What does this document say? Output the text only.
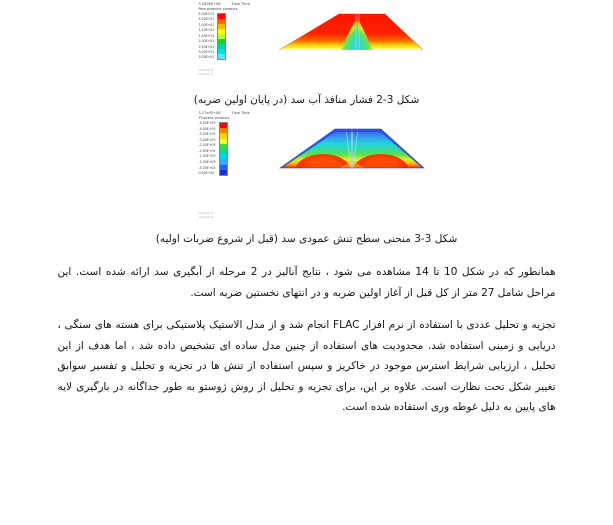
Flow Time 3.0800E+08
Pore pressure contours
5.00E+01
5.00E+01
1.00E+01
1.10E+01
1.50E+01
2.00E+01
2.50E+01
3.00E+01
3.00E+01
▬ ▬▬▬▬
▬ ▬▬▬▬
شکل 3-2 فشار منافذ آب سد (در پایان اولین ضربه)
Flow Time 3.17e02+08
YY-stress contours
-4.50E+05
-4.00E+05
-3.50E+05
-3.00E+05
-2.50E+05
-2.00E+05
-1.50E+05
-1.00E+05
-5.00E+04
0.00E+00
▬ ▬▬▬▬
▬ ▬▬▬▬
شکل 3-3 منحنی سطح تنش عمودی سد (قبل از شروع ضربات اولیه)

همانطور که در شکل 10 تا 14 مشاهده می شود ، نتایج آنالیز در 2 مرحله از آبگیری سد ارائه شده است. این مراحل شامل 27 متر از کل قبل از آغاز اولین ضربه و در انتهای نخستین ضربه است.

تجزیه و تحلیل عددی با استفاده از نرم افزار FLAC انجام شد و از مدل الاستیک پلاستیکی برای هسته های سنگی ، دریایی و زمینی استفاده شد. محدودیت های استفاده از چنین مدل ساده ای تشخیص داده شد ، اما هدف از این تحلیل ، ارزیابی شرایط استرس موجود در خاکریز و سپس استفاده از تنش ها در تجزیه و تحلیل و تفسیر سوابق تغییر شکل تحت نظارت است. علاوه بر این، برای تجزیه و تحلیل از روش ژوستو به طور جداگانه در بارگیری لایه های پایین به دلیل غوطه وری استفاده شده است.
